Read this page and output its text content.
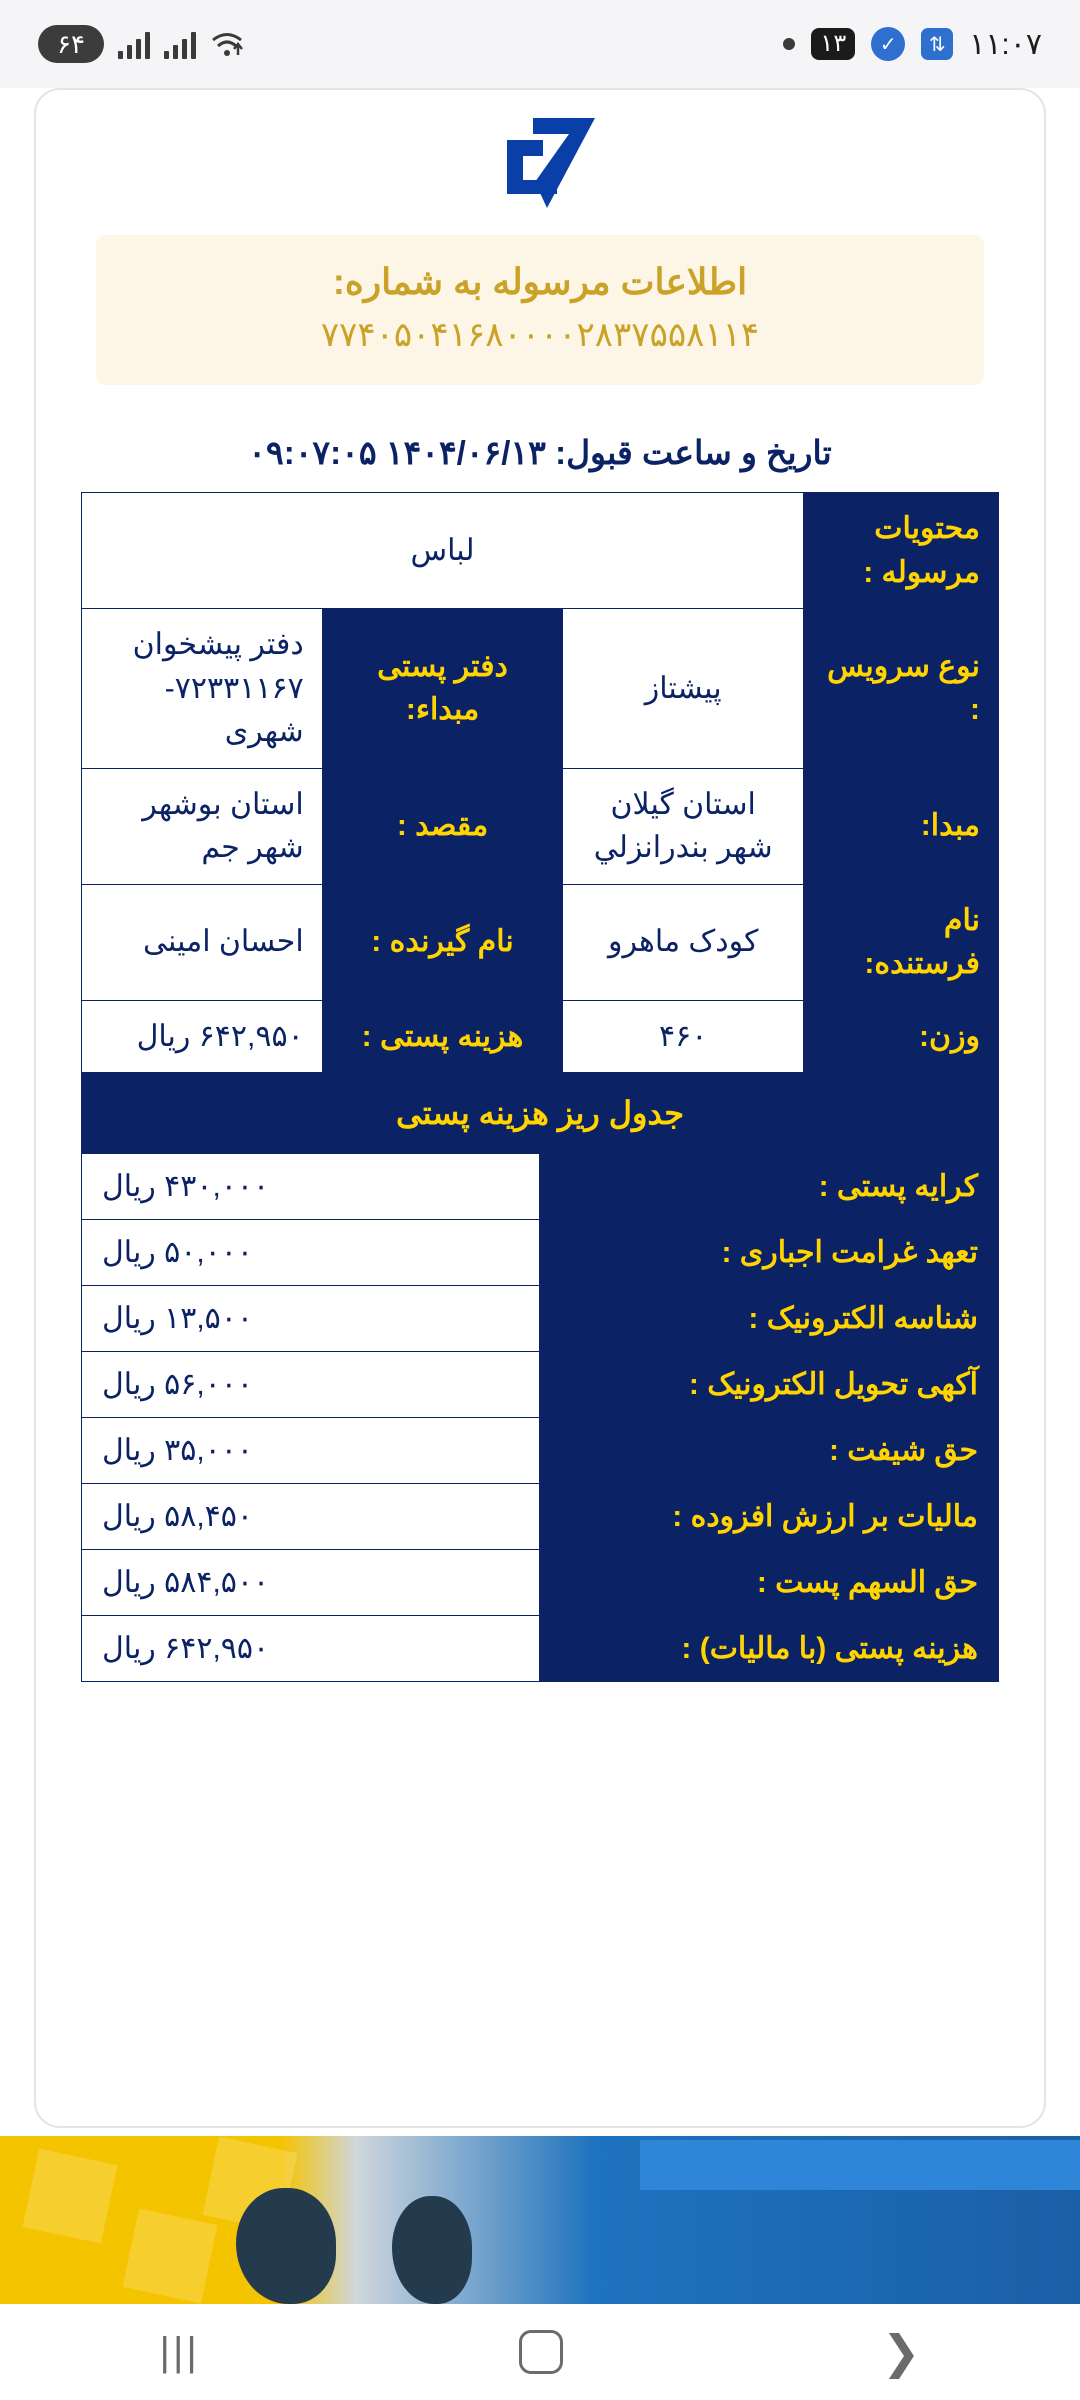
۶۴	۱۳	✓	⇅ ۱۱:۰۷
اطلاعات مرسوله به شماره:
۷۷۴۰۵۰۴۱۶۸۰۰۰۰۲۸۳۷۵۵۸۱۱۴
تاریخ و ساعت قبول: ۱۴۰۴/۰۶/۱۳ ۰۹:۰۷:۰۵
محتویات مرسوله :	لباس		
نوع سرویس :	پیشتاز	دفتر پستی مبداء:	دفتر پیشخوان ۷۲۳۳۱۱۶۷-شهری
مبدا:	استان گیلان شهر بندرانزلي	مقصد :	استان بوشهر شهر جم
نام فرستنده:	کودک ماهرو	نام گیرنده :	احسان امینی
وزن:	۴۶۰	هزینه پستی :	۶۴۲,۹۵۰ ریال
جدول ریز هزینه پستی
کرایه پستی :	۴۳۰,۰۰۰ ریال
تعهد غرامت اجباری :	۵۰,۰۰۰ ریال
شناسه الکترونیک :	۱۳,۵۰۰ ریال
آکهی تحویل الکترونیک :	۵۶,۰۰۰ ریال
حق شیفت :	۳۵,۰۰۰ ریال
مالیات بر ارزش افزوده :	۵۸,۴۵۰ ریال
حق السهم پست :	۵۸۴,۵۰۰ ریال
هزینه پستی (با مالیات) :	۶۴۲,۹۵۰ ریال
|||	❯
